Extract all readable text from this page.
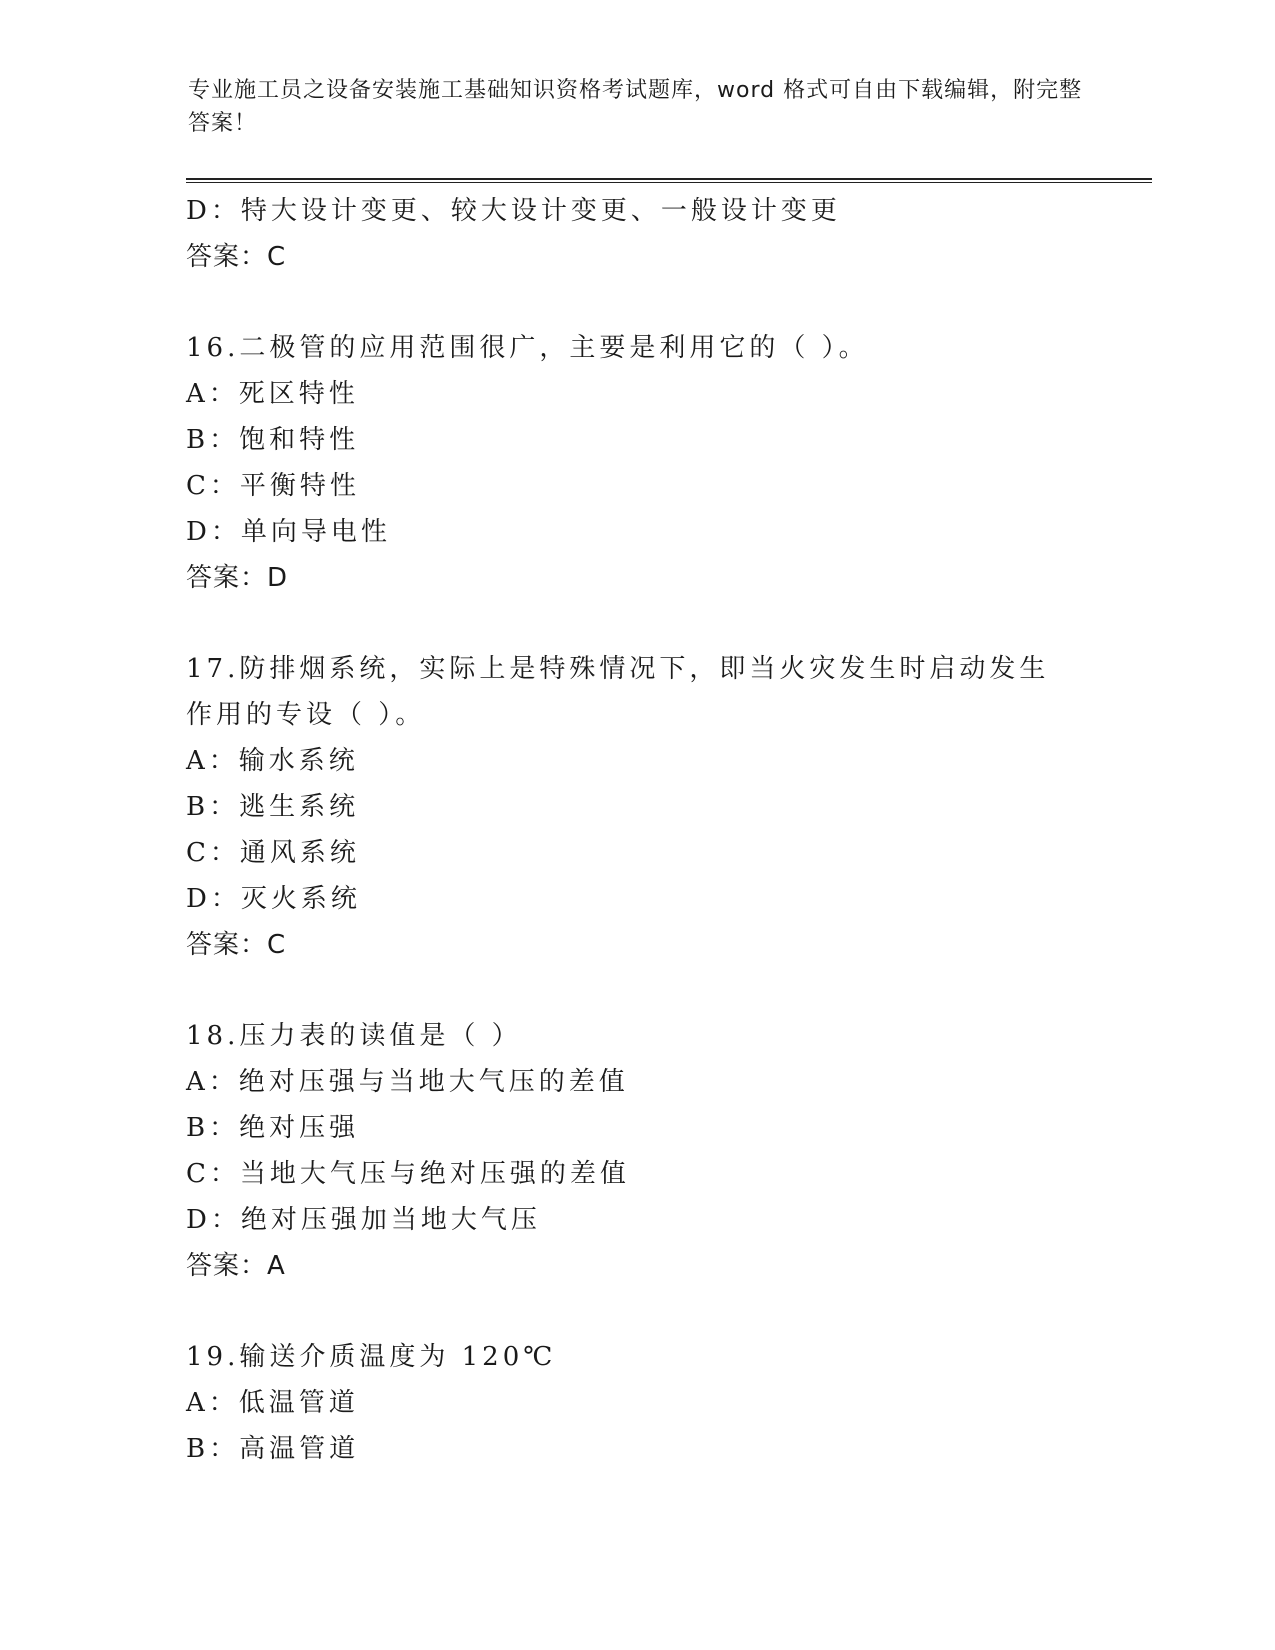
专业施工员之设备安装施工基础知识资格考试题库，word 格式可自由下载编辑，附完整答案！
D：特大设计变更、较大设计变更、一般设计变更
答案：C
16.二极管的应用范围很广，主要是利用它的（ ）。
A：死区特性
B：饱和特性
C：平衡特性
D：单向导电性
答案：D
17.防排烟系统，实际上是特殊情况下，即当火灾发生时启动发生作用的专设（ ）。
A：输水系统
B：逃生系统
C：通风系统
D：灭火系统
答案：C
18.压力表的读值是（ ）
A：绝对压强与当地大气压的差值
B：绝对压强
C：当地大气压与绝对压强的差值
D：绝对压强加当地大气压
答案：A
19.输送介质温度为 120℃
A：低温管道
B：高温管道
